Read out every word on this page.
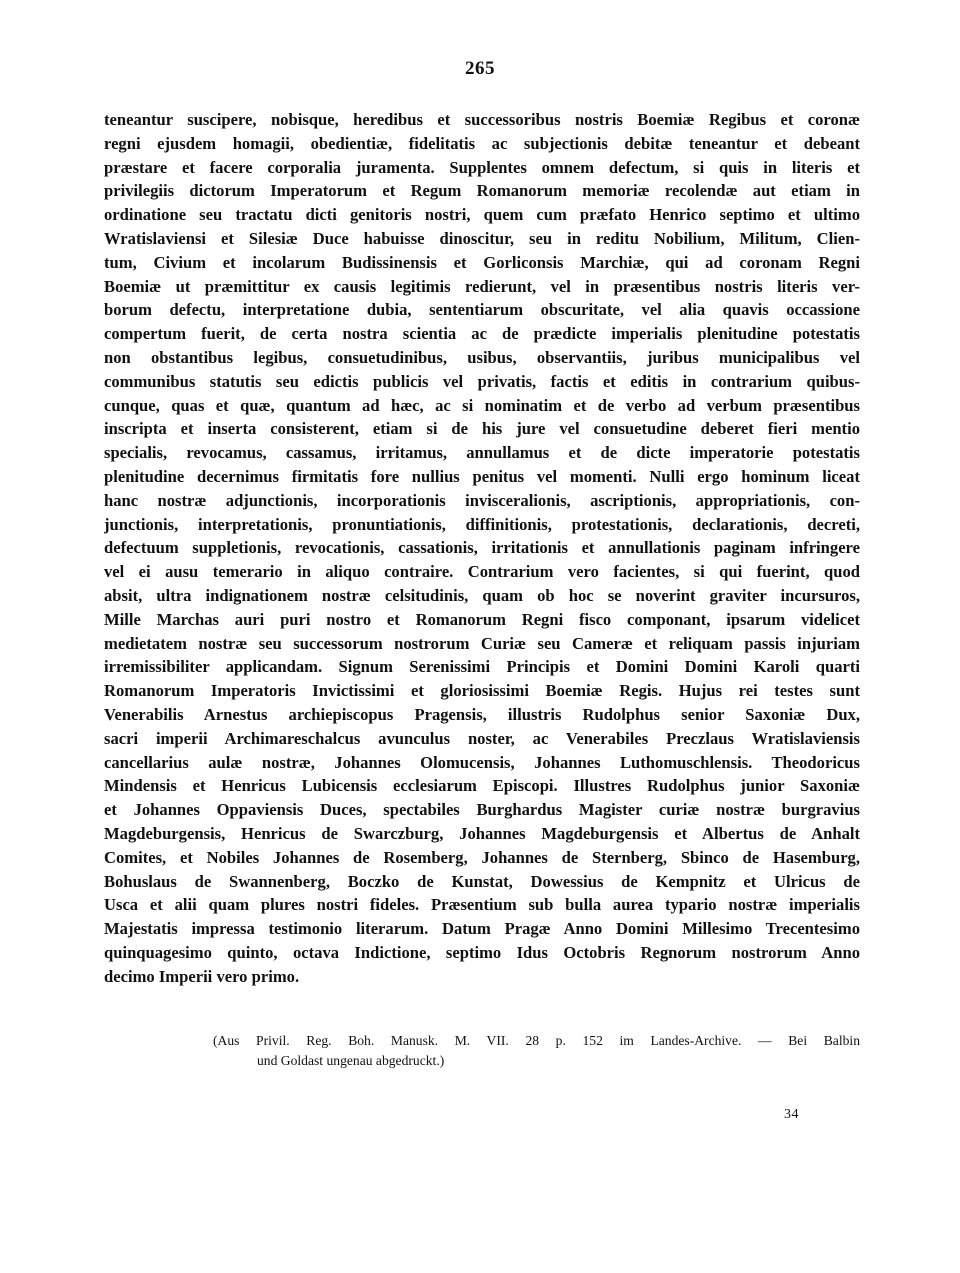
265
teneantur suscipere, nobisque, heredibus et successoribus nostris Boemiæ Regibus et coronæ
regni ejusdem homagii, obedientiæ, fidelitatis ac subjectionis debitæ teneantur et debeant
præstare et facere corporalia juramenta. Supplentes omnem defectum, si quis in literis et
privilegiis dictorum Imperatorum et Regum Romanorum memoriæ recolendæ aut etiam in
ordinatione seu tractatu dicti genitoris nostri, quem cum præfato Henrico septimo et ultimo
Wratislaviensi et Silesiæ Duce habuisse dinoscitur, seu in reditu Nobilium, Militum, Clien-
tum, Civium et incolarum Budissinensis et Gorliconsis Marchiæ, qui ad coronam Regni
Boemiæ ut præmittitur ex causis legitimis redierunt, vel in præsentibus nostris literis ver-
borum defectu, interpretatione dubia, sententiarum obscuritate, vel alia quavis occassione
compertum fuerit, de certa nostra scientia ac de prædicte imperialis plenitudine potestatis
non obstantibus legibus, consuetudinibus, usibus, observantiis, juribus municipalibus vel
communibus statutis seu edictis publicis vel privatis, factis et editis in contrarium quibus-
cunque, quas et quæ, quantum ad hæc, ac si nominatim et de verbo ad verbum præsentibus
inscripta et inserta consisterent, etiam si de his jure vel consuetudine deberet fieri mentio
specialis, revocamus, cassamus, irritamus, annullamus et de dicte imperatorie potestatis
plenitudine decernimus firmitatis fore nullius penitus vel momenti. Nulli ergo hominum liceat
hanc nostræ adjunctionis, incorporationis invisceralionis, ascriptionis, appropriationis, con-
junctionis, interpretationis, pronuntiationis, diffinitionis, protestationis, declarationis, decreti,
defectuum suppletionis, revocationis, cassationis, irritationis et annullationis paginam infringere
vel ei ausu temerario in aliquo contraire. Contrarium vero facientes, si qui fuerint, quod
absit, ultra indignationem nostræ celsitudinis, quam ob hoc se noverint graviter incursuros,
Mille Marchas auri puri nostro et Romanorum Regni fisco componant, ipsarum videlicet
medietatem nostræ seu successorum nostrorum Curiæ seu Cameræ et reliquam passis injuriam
irremissibiliter applicandam. Signum Serenissimi Principis et Domini Domini Karoli quarti
Romanorum Imperatoris Invictissimi et gloriosissimi Boemiæ Regis. Hujus rei testes sunt
Venerabilis Arnestus archiepiscopus Pragensis, illustris Rudolphus senior Saxoniæ Dux,
sacri imperii Archimareschalcus avunculus noster, ac Venerabiles Preczlaus Wratislaviensis
cancellarius aulæ nostræ, Johannes Olomucensis, Johannes Luthomuschlensis. Theodoricus
Mindensis et Henricus Lubicensis ecclesiarum Episcopi. Illustres Rudolphus junior Saxoniæ
et Johannes Oppaviensis Duces, spectabiles Burghardus Magister curiæ nostræ burgravius
Magdeburgensis, Henricus de Swarczburg, Johannes Magdeburgensis et Albertus de Anhalt
Comites, et Nobiles Johannes de Rosemberg, Johannes de Sternberg, Sbinco de Hasemburg,
Bohuslaus de Swannenberg, Boczko de Kunstat, Dowessius de Kempnitz et Ulricus de
Usca et alii quam plures nostri fideles. Præsentium sub bulla aurea typario nostræ imperialis
Majestatis impressa testimonio literarum. Datum Pragæ Anno Domini Millesimo Trecentesimo
quinquagesimo quinto, octava Indictione, septimo Idus Octobris Regnorum nostrorum Anno
decimo Imperii vero primo.
(Aus Privil. Reg. Boh. Manusk. M. VII. 28 p. 152 im Landes-Archive. — Bei Balbin
und Goldast ungenau abgedruckt.)
34
